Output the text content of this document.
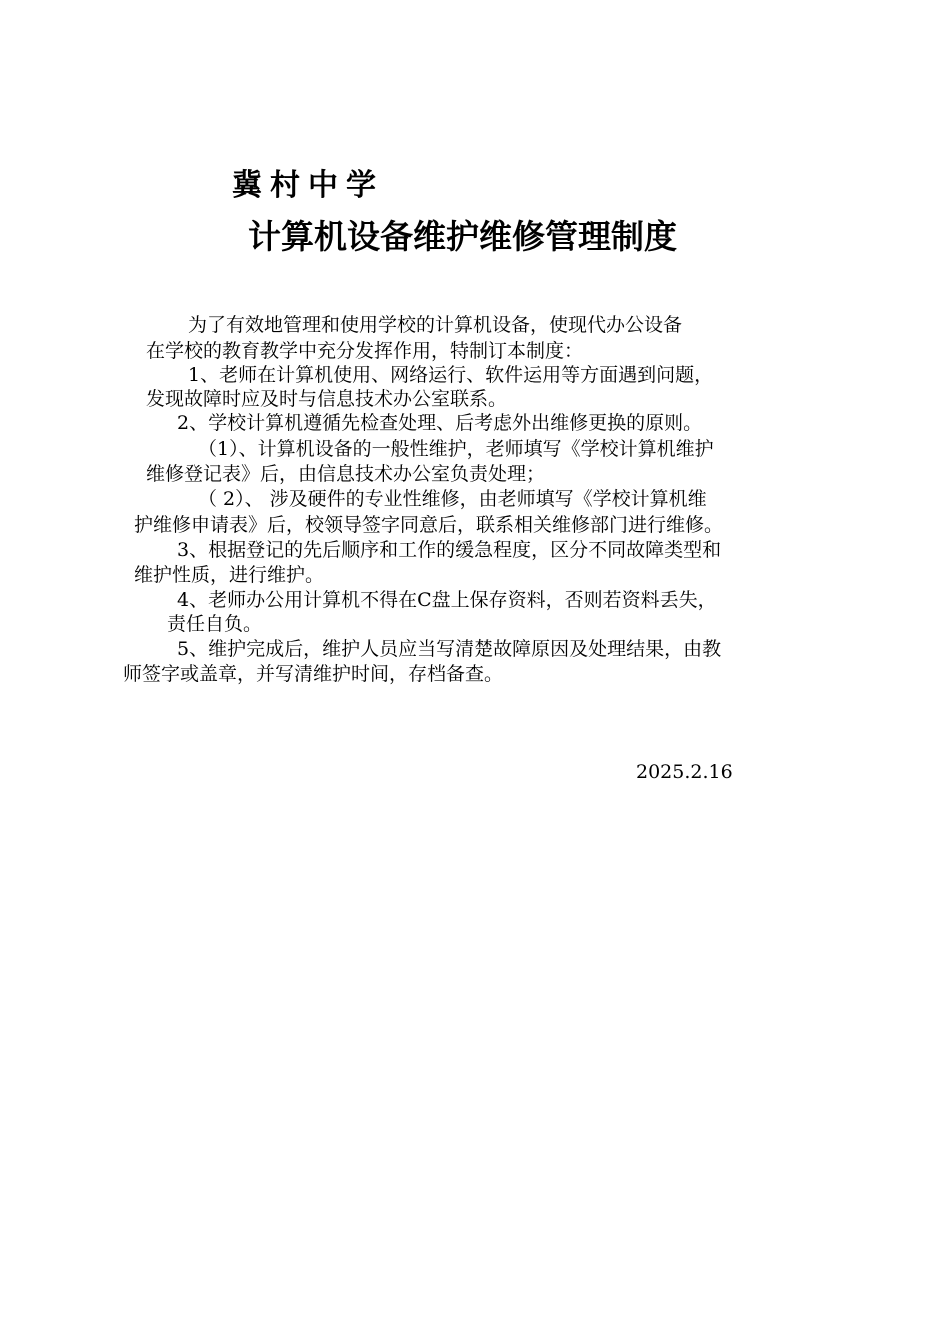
冀村中学
计算机设备维护维修管理制度
为了有效地管理和使用学校的计算机设备，使现代办公设备
在学校的教育教学中充分发挥作用，特制订本制度：
1、老师在计算机使用、网络运行、软件运用等方面遇到问题，
发现故障时应及时与信息技术办公室联系。
2、学校计算机遵循先检查处理、后考虑外出维修更换的原则。
（1）、计算机设备的一般性维护，老师填写《学校计算机维护
维修登记表》后，由信息技术办公室负责处理；
（ 2）、 涉及硬件的专业性维修，由老师填写《学校计算机维
护维修申请表》后，校领导签字同意后，联系相关维修部门进行维修。
3、根据登记的先后顺序和工作的缓急程度，区分不同故障类型和
维护性质，进行维护。
4、老师办公用计算机不得在C盘上保存资料，否则若资料丢失，
责任自负。
5、维护完成后，维护人员应当写清楚故障原因及处理结果，由教
师签字或盖章，并写清维护时间，存档备查。
2025.2.16
